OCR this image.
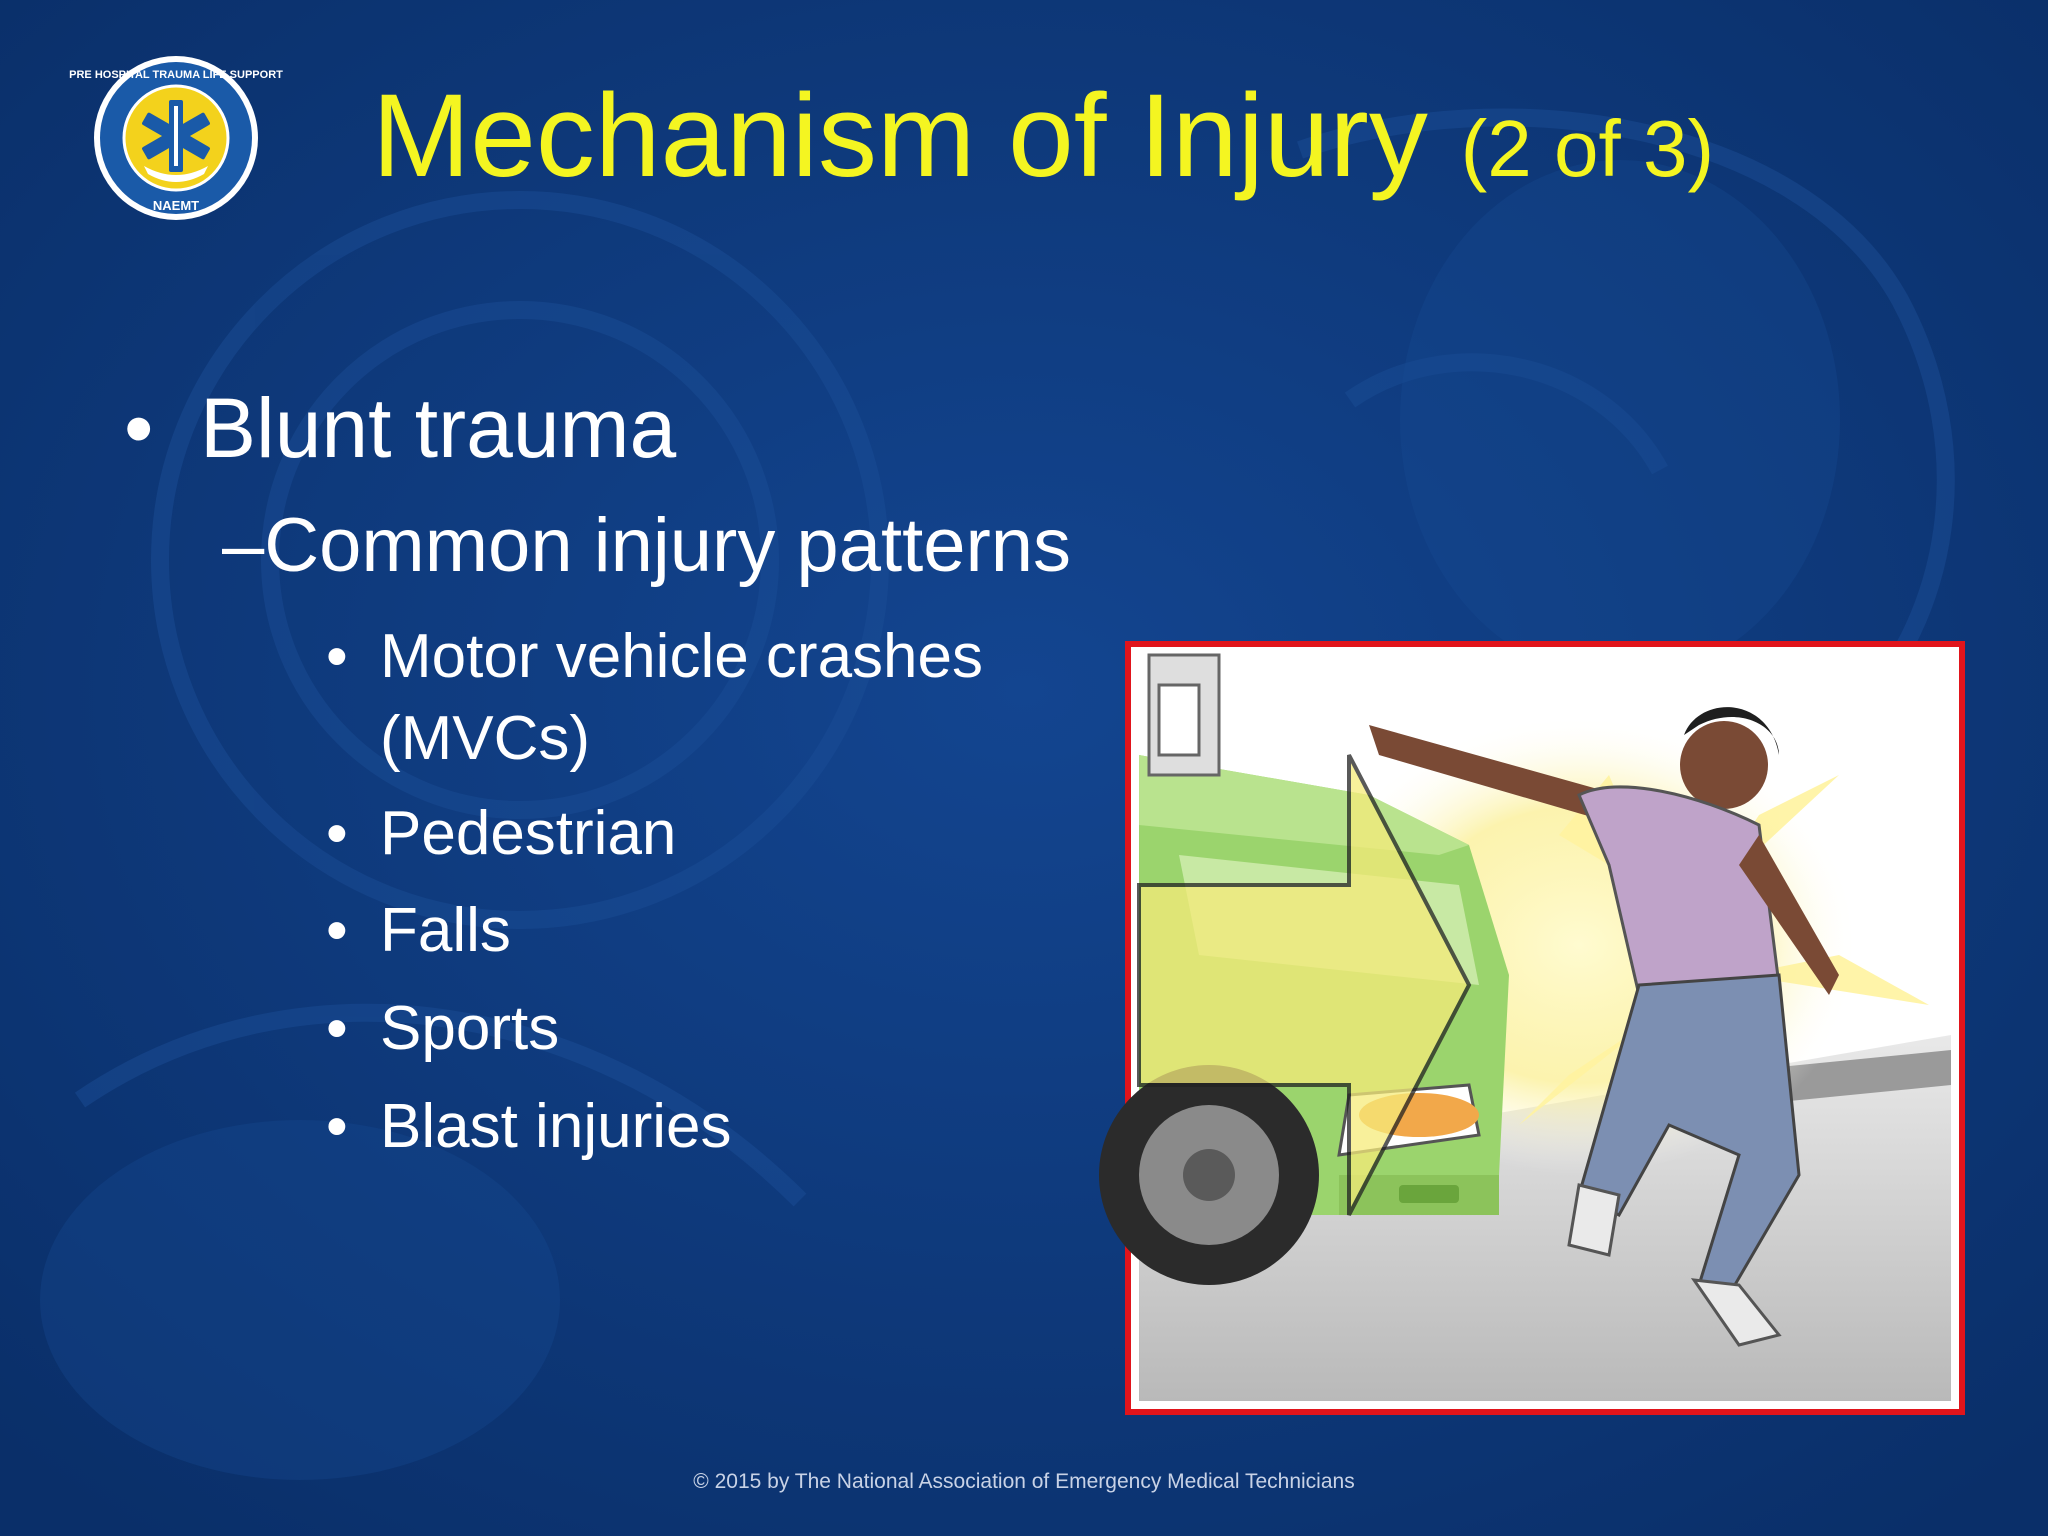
PRE HOSPITAL TRAUMA LIFE SUPPORT
NAEMT
Mechanism of Injury (2 of 3)
• Blunt trauma
–Common injury patterns
• Motor vehicle crashes
(MVCs)
• Pedestrian
• Falls
• Sports
• Blast injuries
© 2015 by The National Association of Emergency Medical Technicians
